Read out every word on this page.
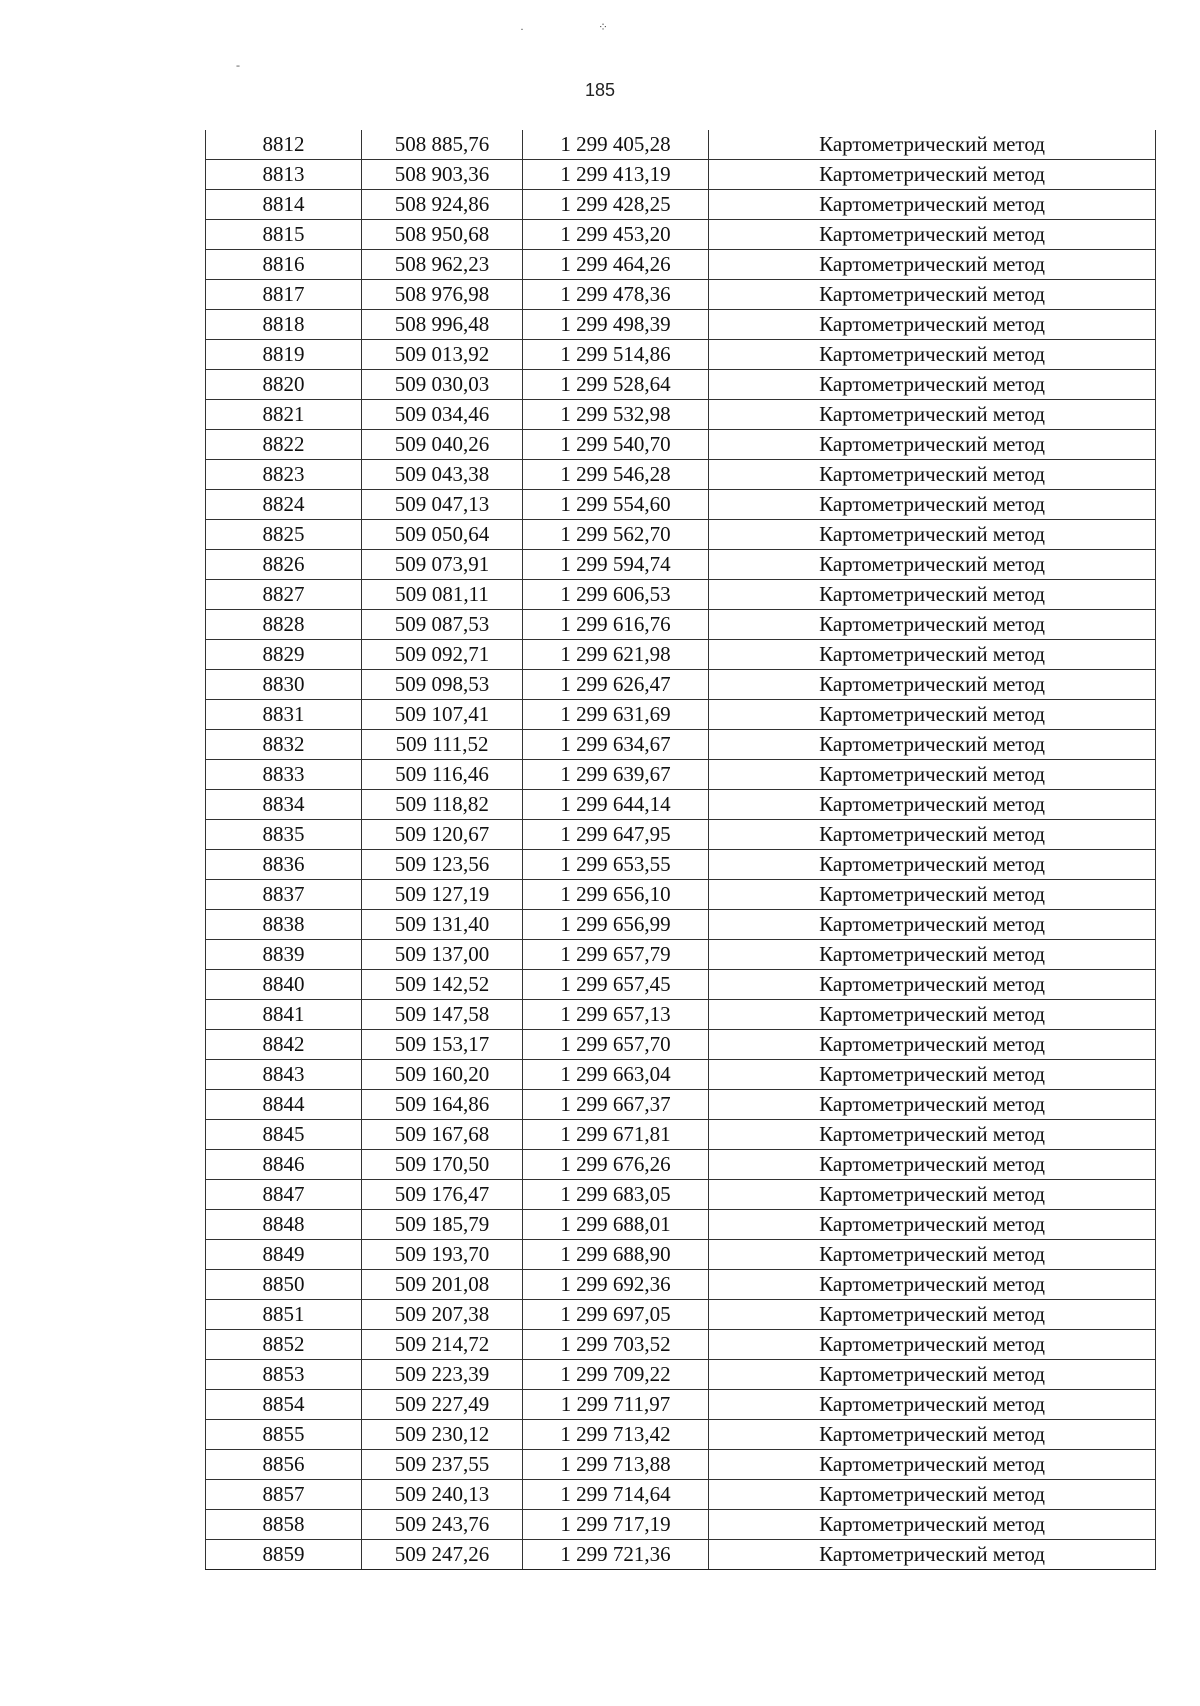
185
⁘
·
-
8812	508 885,76	1 299 405,28	Картометрический метод
8813	508 903,36	1 299 413,19	Картометрический метод
8814	508 924,86	1 299 428,25	Картометрический метод
8815	508 950,68	1 299 453,20	Картометрический метод
8816	508 962,23	1 299 464,26	Картометрический метод
8817	508 976,98	1 299 478,36	Картометрический метод
8818	508 996,48	1 299 498,39	Картометрический метод
8819	509 013,92	1 299 514,86	Картометрический метод
8820	509 030,03	1 299 528,64	Картометрический метод
8821	509 034,46	1 299 532,98	Картометрический метод
8822	509 040,26	1 299 540,70	Картометрический метод
8823	509 043,38	1 299 546,28	Картометрический метод
8824	509 047,13	1 299 554,60	Картометрический метод
8825	509 050,64	1 299 562,70	Картометрический метод
8826	509 073,91	1 299 594,74	Картометрический метод
8827	509 081,11	1 299 606,53	Картометрический метод
8828	509 087,53	1 299 616,76	Картометрический метод
8829	509 092,71	1 299 621,98	Картометрический метод
8830	509 098,53	1 299 626,47	Картометрический метод
8831	509 107,41	1 299 631,69	Картометрический метод
8832	509 111,52	1 299 634,67	Картометрический метод
8833	509 116,46	1 299 639,67	Картометрический метод
8834	509 118,82	1 299 644,14	Картометрический метод
8835	509 120,67	1 299 647,95	Картометрический метод
8836	509 123,56	1 299 653,55	Картометрический метод
8837	509 127,19	1 299 656,10	Картометрический метод
8838	509 131,40	1 299 656,99	Картометрический метод
8839	509 137,00	1 299 657,79	Картометрический метод
8840	509 142,52	1 299 657,45	Картометрический метод
8841	509 147,58	1 299 657,13	Картометрический метод
8842	509 153,17	1 299 657,70	Картометрический метод
8843	509 160,20	1 299 663,04	Картометрический метод
8844	509 164,86	1 299 667,37	Картометрический метод
8845	509 167,68	1 299 671,81	Картометрический метод
8846	509 170,50	1 299 676,26	Картометрический метод
8847	509 176,47	1 299 683,05	Картометрический метод
8848	509 185,79	1 299 688,01	Картометрический метод
8849	509 193,70	1 299 688,90	Картометрический метод
8850	509 201,08	1 299 692,36	Картометрический метод
8851	509 207,38	1 299 697,05	Картометрический метод
8852	509 214,72	1 299 703,52	Картометрический метод
8853	509 223,39	1 299 709,22	Картометрический метод
8854	509 227,49	1 299 711,97	Картометрический метод
8855	509 230,12	1 299 713,42	Картометрический метод
8856	509 237,55	1 299 713,88	Картометрический метод
8857	509 240,13	1 299 714,64	Картометрический метод
8858	509 243,76	1 299 717,19	Картометрический метод
8859	509 247,26	1 299 721,36	Картометрический метод
